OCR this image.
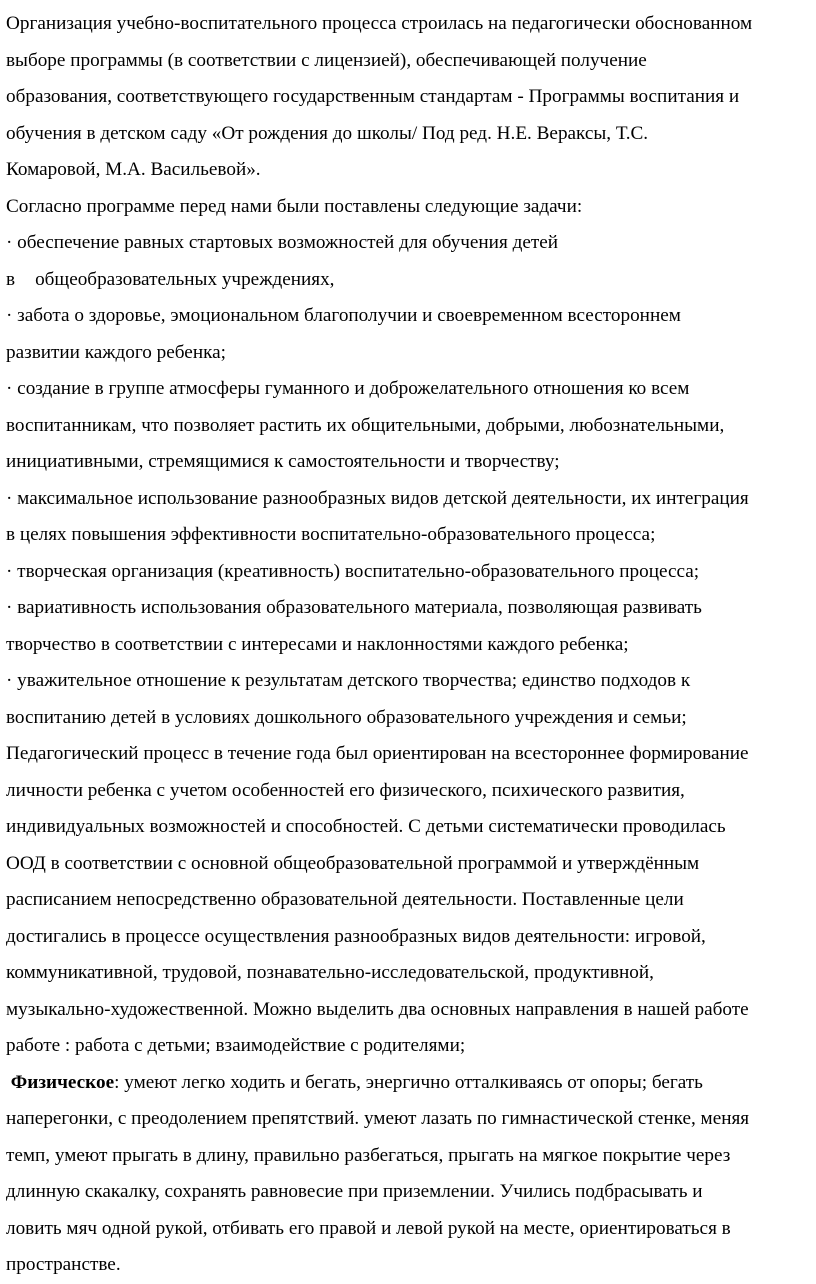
Организация учебно-воспитательного процесса строилась на педагогически обоснованном
выборе программы (в соответствии с лицензией), обеспечивающей получение
образования, соответствующего государственным стандартам - Программы воспитания и
обучения в детском саду «От рождения до школы/ Под ред. Н.Е. Вераксы, Т.С.
Комаровой, М.А. Васильевой».
Согласно программе перед нами были поставлены следующие задачи:
· обеспечение равных стартовых возможностей для обучения детей
в общеобразовательных учреждениях,
· забота о здоровье, эмоциональном благополучии и своевременном всестороннем
развитии каждого ребенка;
· создание в группе атмосферы гуманного и доброжелательного отношения ко всем
воспитанникам, что позволяет растить их общительными, добрыми, любознательными,
инициативными, стремящимися к самостоятельности и творчеству;
· максимальное использование разнообразных видов детской деятельности, их интеграция
в целях повышения эффективности воспитательно-образовательного процесса;
· творческая организация (креативность) воспитательно-образовательного процесса;
· вариативность использования образовательного материала, позволяющая развивать
творчество в соответствии с интересами и наклонностями каждого ребенка;
· уважительное отношение к результатам детского творчества; единство подходов к
воспитанию детей в условиях дошкольного образовательного учреждения и семьи;
Педагогический процесс в течение года был ориентирован на всестороннее формирование
личности ребенка с учетом особенностей его физического, психического развития,
индивидуальных возможностей и способностей. С детьми систематически проводилась
ООД в соответствии с основной общеобразовательной программой и утверждённым
расписанием непосредственно образовательной деятельности. Поставленные цели
достигались в процессе осуществления разнообразных видов деятельности: игровой,
коммуникативной, трудовой, познавательно-исследовательской, продуктивной,
музыкально-художественной. Можно выделить два основных направления в нашей работе
работе : работа с детьми; взаимодействие с родителями;
Физическое: умеют легко ходить и бегать, энергично отталкиваясь от опоры; бегать
напeрегонки, с преодолением препятствий. умеют лазать по гимнастической стенке, меняя
темп, умеют прыгать в длину, правильно разбегаться, прыгать на мягкое покрытие через
длинную скакалку, сохранять равновесие при приземлении. Учились подбрасывать и
ловить мяч одной рукой, отбивать его правой и левой рукой на месте, ориентироваться в
пространстве.
